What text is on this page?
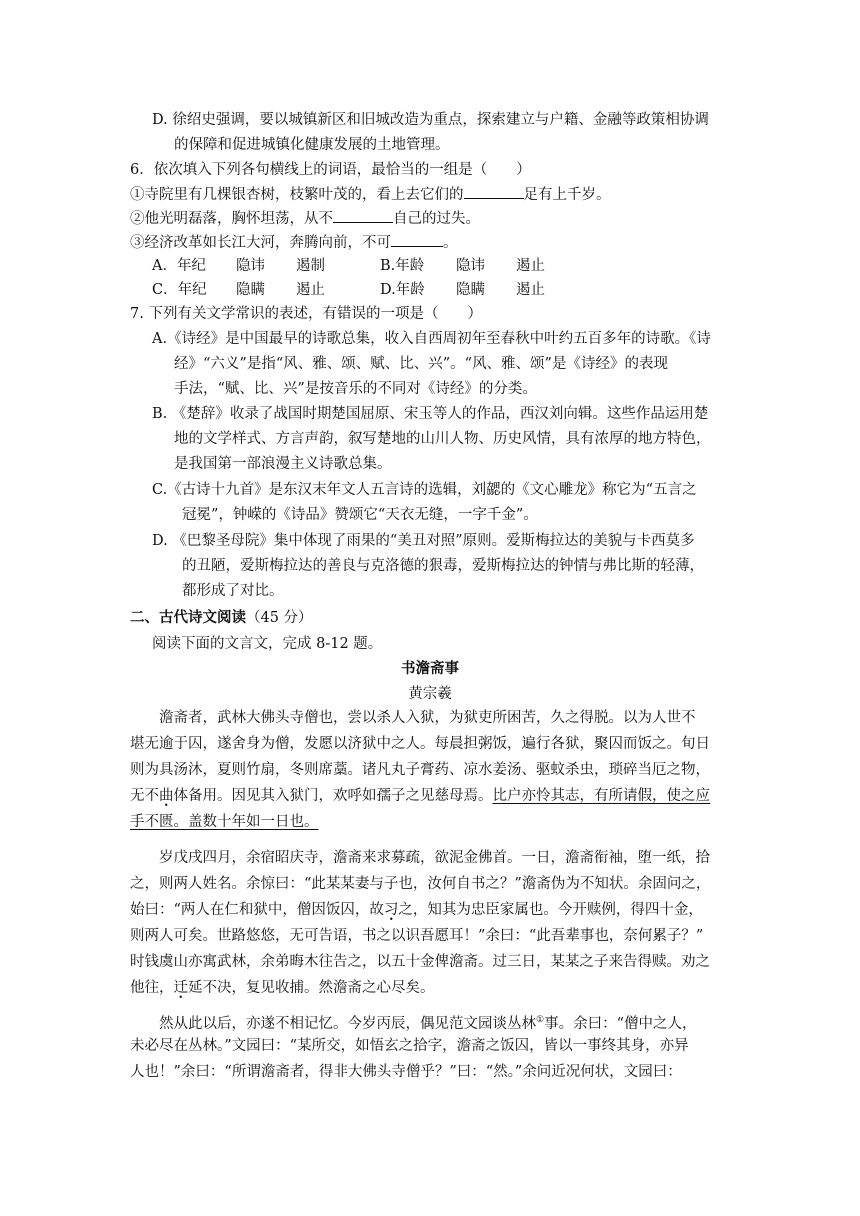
D. 徐绍史强调，要以城镇新区和旧城改造为重点，探索建立与户籍、金融等政策相协调
的保障和促进城镇化健康发展的土地管理。
6．依次填入下列各句横线上的词语，最恰当的一组是（　　）
①寺院里有几棵银杏树，枝繁叶茂的，看上去它们的	足有上千岁。
②他光明磊落，胸怀坦荡，从不	自己的过失。
③经济改革如长江大河，奔腾向前，不可	。
A．年纪 隐讳 遏制	B.年龄 隐讳 遏止
C．年纪 隐瞒 遏止	D.年龄 隐瞒 遏止
7. 下列有关文学常识的表述，有错误的一项是（　　）
A.《诗经》是中国最早的诗歌总集，收入自西周初年至春秋中叶约五百多年的诗歌。《诗
经》“六义”是指“风、雅、颂、赋、比、兴”。“风、雅、颂”是《诗经》的表现
手法，“赋、比、兴”是按音乐的不同对《诗经》的分类。
B. 《楚辞》收录了战国时期楚国屈原、宋玉等人的作品，西汉刘向辑。这些作品运用楚
地的文学样式、方言声韵，叙写楚地的山川人物、历史风情，具有浓厚的地方特色，
是我国第一部浪漫主义诗歌总集。
C.《古诗十九首》是东汉末年文人五言诗的选辑，刘勰的《文心雕龙》称它为“五言之
冠冕”，钟嵘的《诗品》赞颂它“天衣无缝，一字千金”。
D. 《巴黎圣母院》集中体现了雨果的“美丑对照”原则。爱斯梅拉达的美貌与卡西莫多
的丑陋，爱斯梅拉达的善良与克洛德的狠毒，爱斯梅拉达的钟情与弗比斯的轻薄，
都形成了对比。
二、古代诗文阅读（45 分）
阅读下面的文言文，完成 8-12 题。
书澹斋事
黄宗羲
澹斋者，武林大佛头寺僧也，尝以杀人入狱，为狱吏所困苦，久之得脱。以为人世不
堪无逾于囚，遂舍身为僧，发愿以济狱中之人。每晨担粥饭，遍行各狱，聚囚而饭之。旬日
则为具汤沐，夏则竹扇，冬则席藁。诸凡丸子膏药、凉水姜汤、驱蚊杀虫，琐碎当厄之物，
无不曲体备用。因见其入狱门，欢呼如孺子之见慈母焉。比户亦怜其志，有所请假，使之应
手不匮。盖数十年如一日也。
岁戊戌四月，余宿昭庆寺，澹斋来求募疏，欲泥金佛首。一日，澹斋衔袖，堕一纸，拾
之，则两人姓名。余惊曰：“此某某妻与子也，汝何自书之？”澹斋伪为不知状。余固问之，
始曰：“两人在仁和狱中，僧因饭囚，故习之，知其为忠臣家属也。今开赎例，得四十金，
则两人可矣。世路悠悠，无可告语，书之以识吾愿耳！”余曰：“此吾辈事也，奈何累子？”
时钱虞山亦寓武林，余弟晦木往告之，以五十金俾澹斋。过三日，某某之子来告得赎。劝之
他往，迁延不决，复见收捕。然澹斋之心尽矣。
然从此以后，亦遂不相记忆。今岁丙辰，偶见范文园谈丛林①事。余曰：“僧中之人，
未必尽在丛林。”文园曰：“某所交，如悟玄之拾字，澹斋之饭囚，皆以一事终其身，亦异
人也！”余曰：“所谓澹斋者，得非大佛头寺僧乎？”曰：“然。”余问近况何状，文园曰：
